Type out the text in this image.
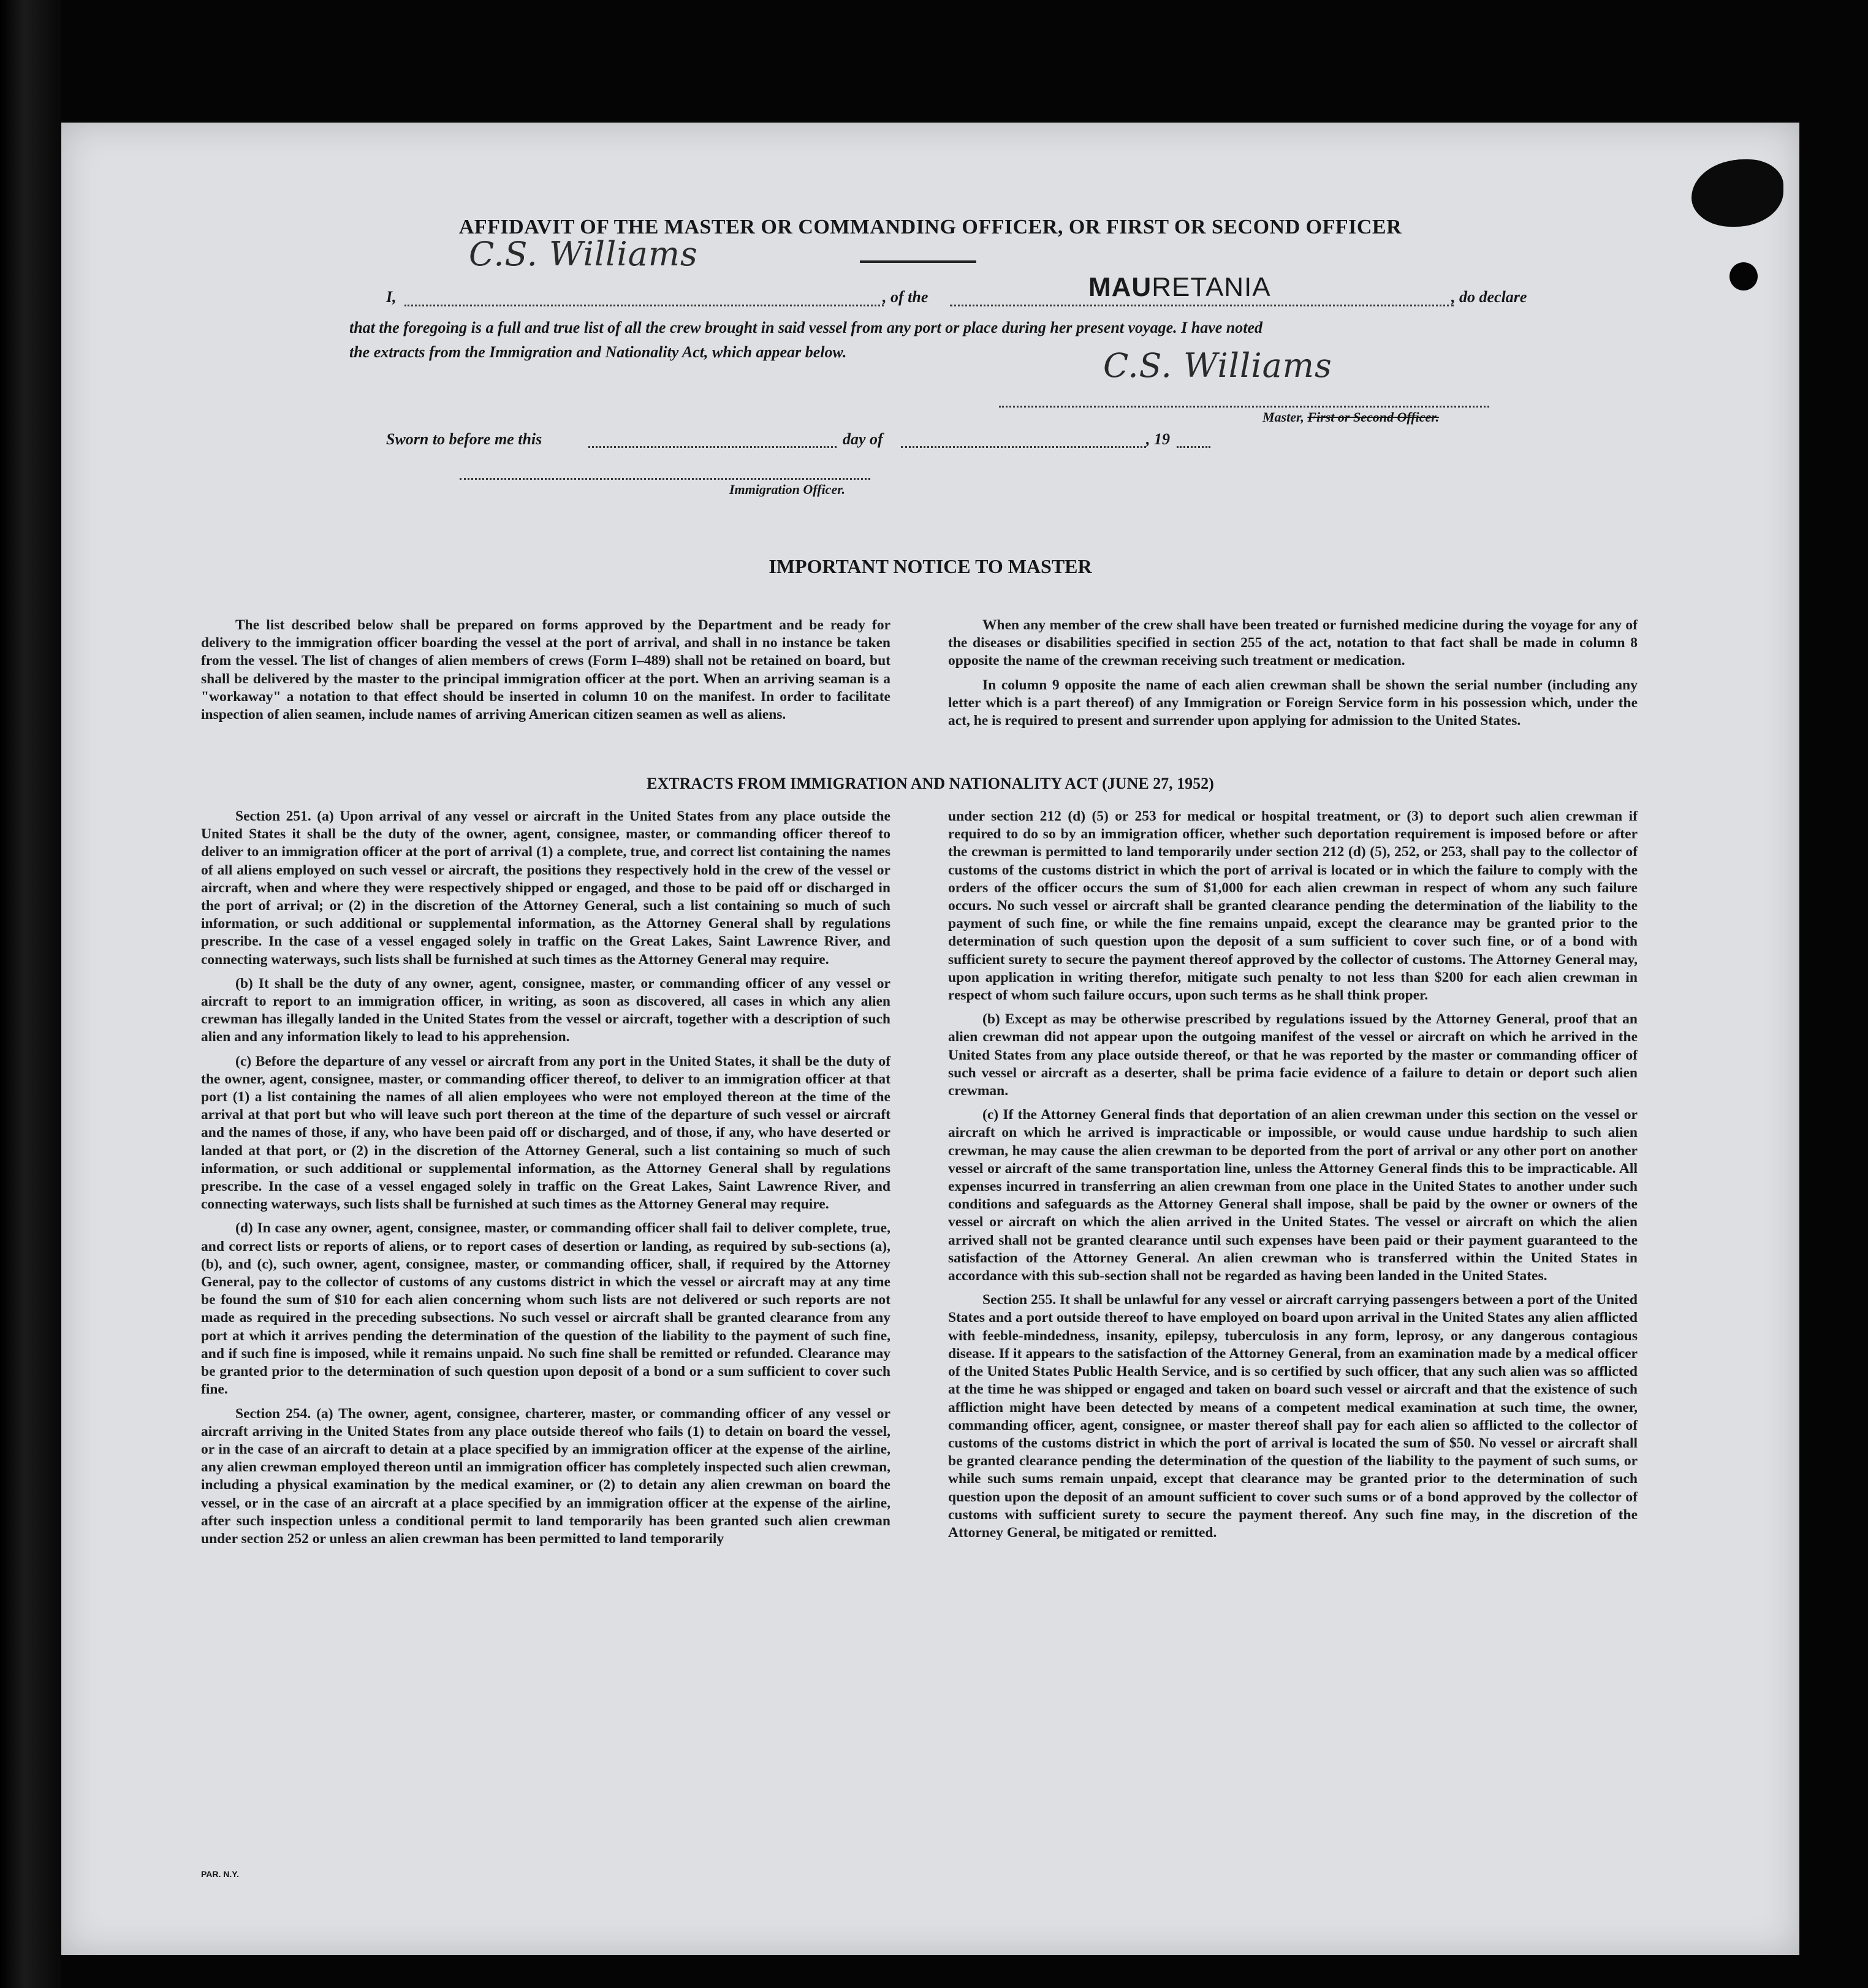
AFFIDAVIT OF THE MASTER OR COMMANDING OFFICER, OR FIRST OR SECOND OFFICER
I,
C.S. Williams
, of the	MAURETANIA	, do declare
that the foregoing is a full and true list of all the crew brought in said vessel from any port or place during her present voyage. I have noted
the extracts from the Immigration and Nationality Act, which appear below.	C.S. Williams
Master, First or Second Officer.
Sworn to before me this	day of	, 19
Immigration Officer.
IMPORTANT NOTICE TO MASTER

The list described below shall be prepared on forms approved by the Department and be ready for delivery to the immigration officer boarding the vessel at the port of arrival, and shall in no instance be taken from the vessel. The list of changes of alien members of crews (Form I–489) shall not be retained on board, but shall be delivered by the master to the principal immigration officer at the port. When an arriving seaman is a "workaway" a notation to that effect should be inserted in column 10 on the manifest. In order to facilitate inspection of alien seamen, include names of arriving American citizen seamen as well as aliens.

When any member of the crew shall have been treated or furnished medicine during the voyage for any of the diseases or disabilities specified in section 255 of the act, notation to that fact shall be made in column 8 opposite the name of the crewman receiving such treatment or medication.

In column 9 opposite the name of each alien crewman shall be shown the serial number (including any letter which is a part thereof) of any Immigration or Foreign Service form in his possession which, under the act, he is required to present and surrender upon applying for admission to the United States.

EXTRACTS FROM IMMIGRATION AND NATIONALITY ACT (JUNE 27, 1952)

Section 251. (a) Upon arrival of any vessel or aircraft in the United States from any place outside the United States it shall be the duty of the owner, agent, consignee, master, or commanding officer thereof to deliver to an immigration officer at the port of arrival (1) a complete, true, and correct list containing the names of all aliens employed on such vessel or aircraft, the positions they respectively hold in the crew of the vessel or aircraft, when and where they were respectively shipped or engaged, and those to be paid off or discharged in the port of arrival; or (2) in the discretion of the Attorney General, such a list containing so much of such information, or such additional or supplemental information, as the Attorney General shall by regulations prescribe. In the case of a vessel engaged solely in traffic on the Great Lakes, Saint Lawrence River, and connecting waterways, such lists shall be furnished at such times as the Attorney General may require.

(b) It shall be the duty of any owner, agent, consignee, master, or commanding officer of any vessel or aircraft to report to an immigration officer, in writing, as soon as discovered, all cases in which any alien crewman has illegally landed in the United States from the vessel or aircraft, together with a description of such alien and any information likely to lead to his apprehension.

(c) Before the departure of any vessel or aircraft from any port in the United States, it shall be the duty of the owner, agent, consignee, master, or commanding officer thereof, to deliver to an immigration officer at that port (1) a list containing the names of all alien employees who were not employed thereon at the time of the arrival at that port but who will leave such port thereon at the time of the departure of such vessel or aircraft and the names of those, if any, who have been paid off or discharged, and of those, if any, who have deserted or landed at that port, or (2) in the discretion of the Attorney General, such a list containing so much of such information, or such additional or supplemental information, as the Attorney General shall by regulations prescribe. In the case of a vessel engaged solely in traffic on the Great Lakes, Saint Lawrence River, and connecting waterways, such lists shall be furnished at such times as the Attorney General may require.

(d) In case any owner, agent, consignee, master, or commanding officer shall fail to deliver complete, true, and correct lists or reports of aliens, or to report cases of desertion or landing, as required by sub-sections (a), (b), and (c), such owner, agent, consignee, master, or commanding officer, shall, if required by the Attorney General, pay to the collector of customs of any customs district in which the vessel or aircraft may at any time be found the sum of $10 for each alien concerning whom such lists are not delivered or such reports are not made as required in the preceding subsections. No such vessel or aircraft shall be granted clearance from any port at which it arrives pending the determination of the question of the liability to the payment of such fine, and if such fine is imposed, while it remains unpaid. No such fine shall be remitted or refunded. Clearance may be granted prior to the determination of such question upon deposit of a bond or a sum sufficient to cover such fine.

Section 254. (a) The owner, agent, consignee, charterer, master, or commanding officer of any vessel or aircraft arriving in the United States from any place outside thereof who fails (1) to detain on board the vessel, or in the case of an aircraft to detain at a place specified by an immigration officer at the expense of the airline, any alien crewman employed thereon until an immigration officer has completely inspected such alien crewman, including a physical examination by the medical examiner, or (2) to detain any alien crewman on board the vessel, or in the case of an aircraft at a place specified by an immigration officer at the expense of the airline, after such inspection unless a conditional permit to land temporarily has been granted such alien crewman under section 252 or unless an alien crewman has been permitted to land temporarily

under section 212 (d) (5) or 253 for medical or hospital treatment, or (3) to deport such alien crewman if required to do so by an immigration officer, whether such deportation requirement is imposed before or after the crewman is permitted to land temporarily under section 212 (d) (5), 252, or 253, shall pay to the collector of customs of the customs district in which the port of arrival is located or in which the failure to comply with the orders of the officer occurs the sum of $1,000 for each alien crewman in respect of whom any such failure occurs. No such vessel or aircraft shall be granted clearance pending the determination of the liability to the payment of such fine, or while the fine remains unpaid, except the clearance may be granted prior to the determination of such question upon the deposit of a sum sufficient to cover such fine, or of a bond with sufficient surety to secure the payment thereof approved by the collector of customs. The Attorney General may, upon application in writing therefor, mitigate such penalty to not less than $200 for each alien crewman in respect of whom such failure occurs, upon such terms as he shall think proper.

(b) Except as may be otherwise prescribed by regulations issued by the Attorney General, proof that an alien crewman did not appear upon the outgoing manifest of the vessel or aircraft on which he arrived in the United States from any place outside thereof, or that he was reported by the master or commanding officer of such vessel or aircraft as a deserter, shall be prima facie evidence of a failure to detain or deport such alien crewman.

(c) If the Attorney General finds that deportation of an alien crewman under this section on the vessel or aircraft on which he arrived is impracticable or impossible, or would cause undue hardship to such alien crewman, he may cause the alien crewman to be deported from the port of arrival or any other port on another vessel or aircraft of the same transportation line, unless the Attorney General finds this to be impracticable. All expenses incurred in transferring an alien crewman from one place in the United States to another under such conditions and safeguards as the Attorney General shall impose, shall be paid by the owner or owners of the vessel or aircraft on which the alien arrived in the United States. The vessel or aircraft on which the alien arrived shall not be granted clearance until such expenses have been paid or their payment guaranteed to the satisfaction of the Attorney General. An alien crewman who is transferred within the United States in accordance with this sub-section shall not be regarded as having been landed in the United States.

Section 255. It shall be unlawful for any vessel or aircraft carrying passengers between a port of the United States and a port outside thereof to have employed on board upon arrival in the United States any alien afflicted with feeble-mindedness, insanity, epilepsy, tuberculosis in any form, leprosy, or any dangerous contagious disease. If it appears to the satisfaction of the Attorney General, from an examination made by a medical officer of the United States Public Health Service, and is so certified by such officer, that any such alien was so afflicted at the time he was shipped or engaged and taken on board such vessel or aircraft and that the existence of such affliction might have been detected by means of a competent medical examination at such time, the owner, commanding officer, agent, consignee, or master thereof shall pay for each alien so afflicted to the collector of customs of the customs district in which the port of arrival is located the sum of $50. No vessel or aircraft shall be granted clearance pending the determination of the question of the liability to the payment of such sums, or while such sums remain unpaid, except that clearance may be granted prior to the determination of such question upon the deposit of an amount sufficient to cover such sums or of a bond approved by the collector of customs with sufficient surety to secure the payment thereof. Any such fine may, in the discretion of the Attorney General, be mitigated or remitted.

PAR. N.Y.
